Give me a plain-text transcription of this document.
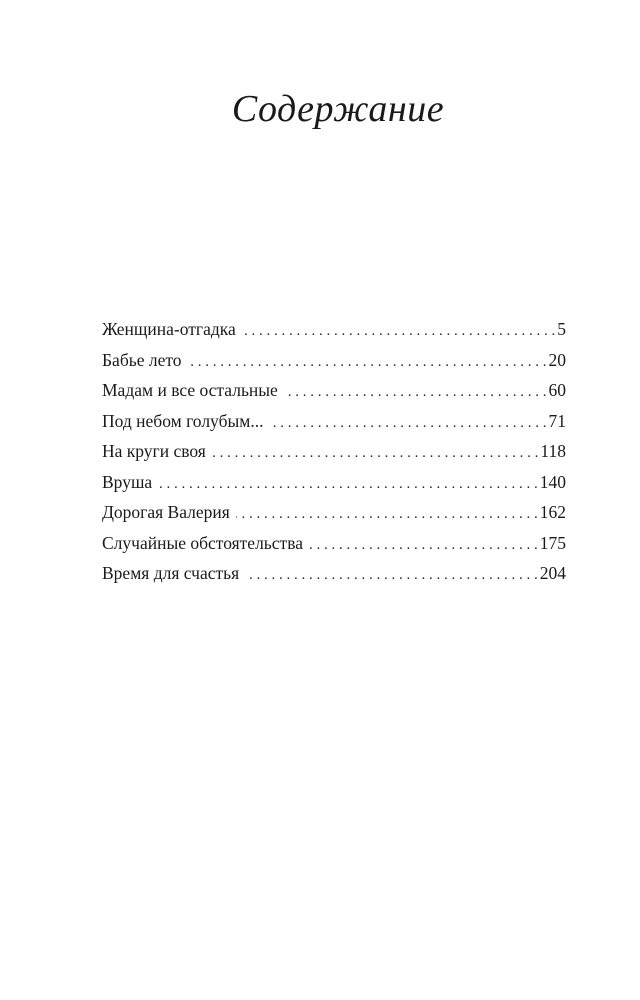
Содержание
Женщина-отгадка . . .	5
Бабье лето . . .	20
Мадам и все остальные . . .	60
Под небом голубым... . . .	71
На круги своя . . .	118
Вруша . . .	140
Дорогая Валерия . . .	162
Случайные обстоятельства . . .	175
Время для счастья . . .	204
